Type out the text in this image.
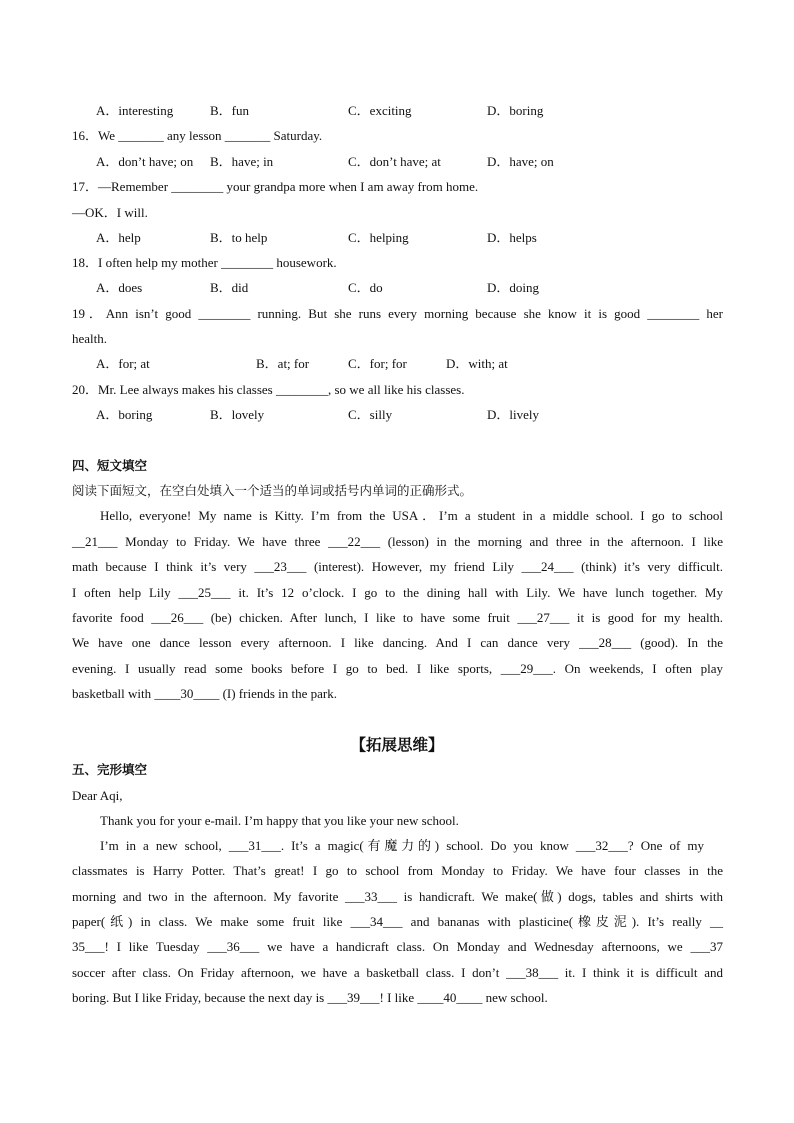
A．interesting	B．fun	C．exciting	D．boring
16．We _______ any lesson _______ Saturday.
A．don’t have; on B．have; in	C．don’t have; at	D．have; on
17．—Remember ________ your grandpa more when I am away from home.
—OK．I will.
A．help	B．to help	C．helping	D．helps
18．I often help my mother ________ housework.
A．does	B．did	C．do	D．doing
19．Ann isn’t good ________ running. But she runs every morning because she know it is good ________ her
health.
A．for; at	B．at; for	C．for; for	D．with; at
20．Mr. Lee always makes his classes ________, so we all like his classes.
A．boring	B．lovely	C．silly	D．lively
四、短文填空
阅读下面短文，在空白处填入一个适当的单词或括号内单词的正确形式。
Hello, everyone! My name is Kitty. I’m from the USA．I’m a student in a middle school. I go to school
__21___ Monday to Friday. We have three ___22___ (lesson) in the morning and three in the afternoon. I like
math because I think it’s very ___23___ (interest). However, my friend Lily ___24___ (think) it’s very difficult.
I often help Lily ___25___ it. It’s 12 o’clock. I go to the dining hall with Lily. We have lunch together. My
favorite food ___26___ (be) chicken. After lunch, I like to have some fruit ___27___ it is good for my health.
We have one dance lesson every afternoon. I like dancing. And I can dance very ___28___ (good). In the
evening. I usually read some books before I go to bed. I like sports, ___29___. On weekends, I often play
basketball with ____30____ (I) friends in the park.
【拓展思维】
五、完形填空
Dear Aqi,
Thank you for your e-mail. I’m happy that you like your new school.
I’m in a new school, ___31___. It’s a magic(有魔力的) school. Do you know ___32___? One of my
classmates is Harry Potter. That’s great! I go to school from Monday to Friday. We have four classes in the
morning and two in the afternoon. My favorite ___33___ is handicraft. We make(做) dogs, tables and shirts with
paper(纸) in class. We make some fruit like ___34___ and bananas with plasticine(橡皮泥). It’s really __
35___! I like Tuesday ___36___ we have a handicraft class. On Monday and Wednesday afternoons, we ___37
soccer after class. On Friday afternoon, we have a basketball class. I don’t ___38___ it. I think it is difficult and
boring. But I like Friday, because the next day is ___39___! I like ____40____ new school.
